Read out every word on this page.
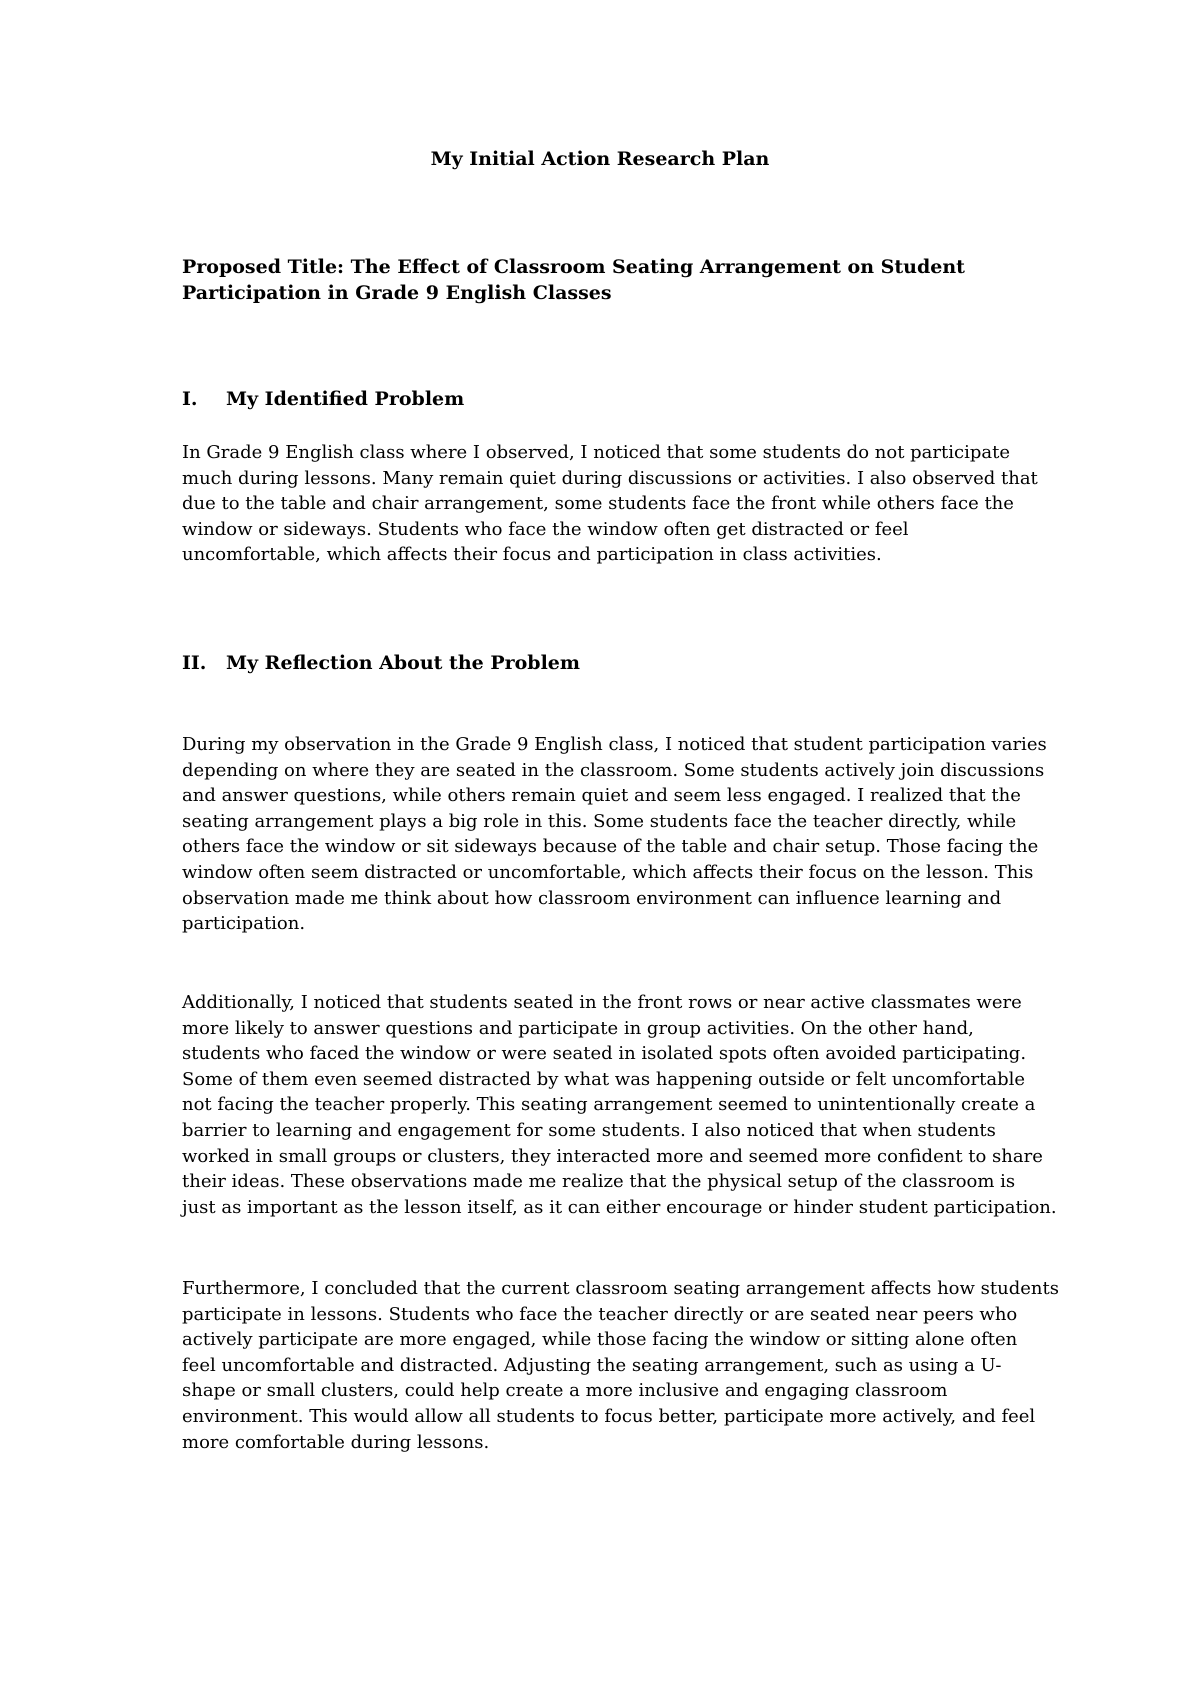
My Initial Action Research Plan
Proposed Title: The Effect of Classroom Seating Arrangement on Student Participation in Grade 9 English Classes
I. My Identified Problem
In Grade 9 English class where I observed, I noticed that some students do not participate
much during lessons. Many remain quiet during discussions or activities. I also observed that
due to the table and chair arrangement, some students face the front while others face the
window or sideways. Students who face the window often get distracted or feel
uncomfortable, which affects their focus and participation in class activities.
II. My Reflection About the Problem
During my observation in the Grade 9 English class, I noticed that student participation varies
depending on where they are seated in the classroom. Some students actively join discussions
and answer questions, while others remain quiet and seem less engaged. I realized that the
seating arrangement plays a big role in this. Some students face the teacher directly, while
others face the window or sit sideways because of the table and chair setup. Those facing the
window often seem distracted or uncomfortable, which affects their focus on the lesson. This
observation made me think about how classroom environment can influence learning and
participation.
Additionally, I noticed that students seated in the front rows or near active classmates were
more likely to answer questions and participate in group activities. On the other hand,
students who faced the window or were seated in isolated spots often avoided participating.
Some of them even seemed distracted by what was happening outside or felt uncomfortable
not facing the teacher properly. This seating arrangement seemed to unintentionally create a
barrier to learning and engagement for some students. I also noticed that when students
worked in small groups or clusters, they interacted more and seemed more confident to share
their ideas. These observations made me realize that the physical setup of the classroom is
just as important as the lesson itself, as it can either encourage or hinder student participation.
Furthermore, I concluded that the current classroom seating arrangement affects how students
participate in lessons. Students who face the teacher directly or are seated near peers who
actively participate are more engaged, while those facing the window or sitting alone often
feel uncomfortable and distracted. Adjusting the seating arrangement, such as using a U-
shape or small clusters, could help create a more inclusive and engaging classroom
environment. This would allow all students to focus better, participate more actively, and feel
more comfortable during lessons.
